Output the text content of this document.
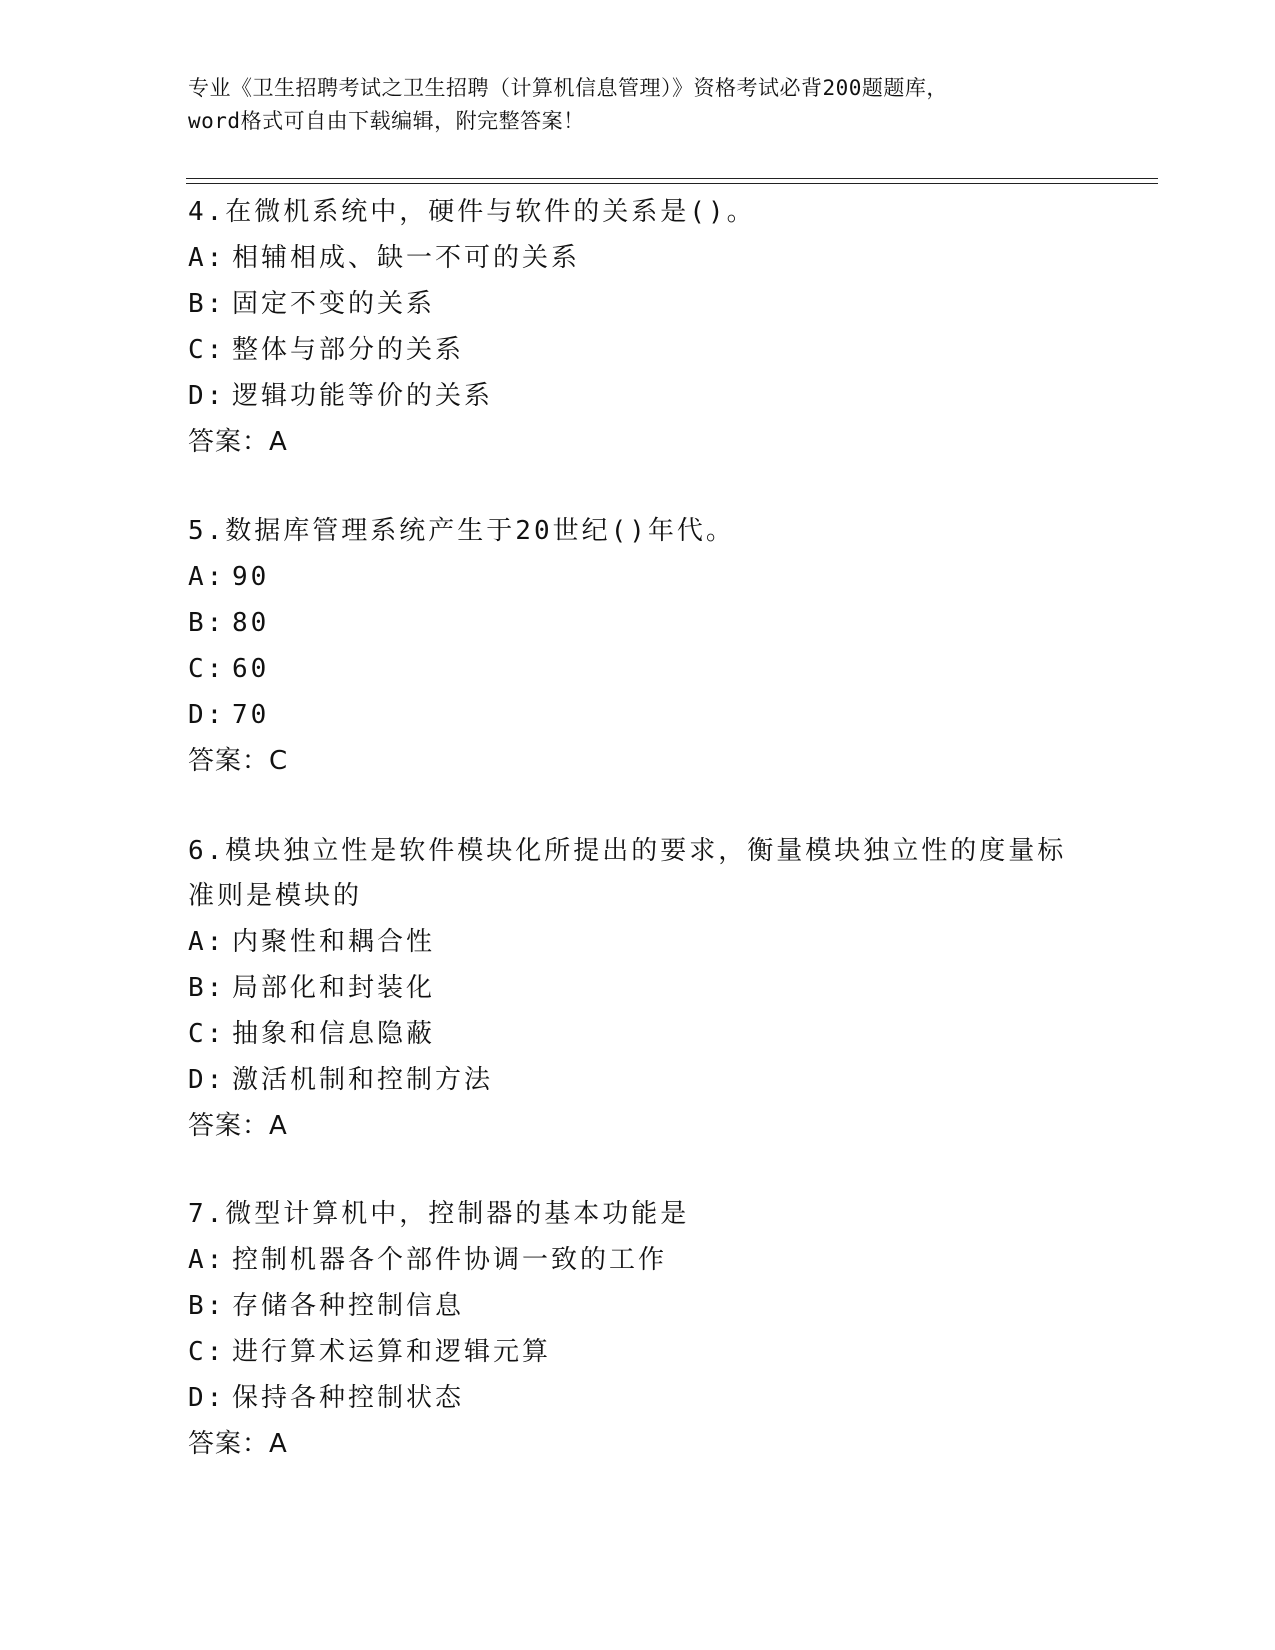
专业《卫生招聘考试之卫生招聘（计算机信息管理）》资格考试必背200题题库，
word格式可自由下载编辑，附完整答案！
4.在微机系统中，硬件与软件的关系是()。
A: 相辅相成、缺一不可的关系
B: 固定不变的关系
C: 整体与部分的关系
D: 逻辑功能等价的关系
答案：A
5.数据库管理系统产生于20世纪()年代。
A: 90
B: 80
C: 60
D: 70
答案：C
6.模块独立性是软件模块化所提出的要求，衡量模块独立性的度量标
准则是模块的
A: 内聚性和耦合性
B: 局部化和封装化
C: 抽象和信息隐蔽
D: 激活机制和控制方法
答案：A
7.微型计算机中，控制器的基本功能是
A: 控制机器各个部件协调一致的工作
B: 存储各种控制信息
C: 进行算术运算和逻辑元算
D: 保持各种控制状态
答案：A
